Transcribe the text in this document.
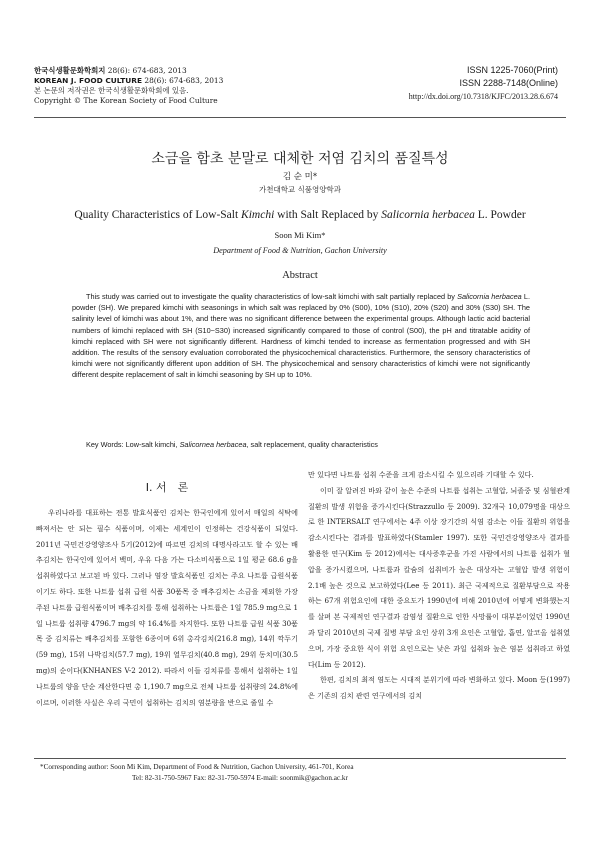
한국식생활문화학회지 28(6): 674-683, 2013
KOREAN J. FOOD CULTURE 28(6): 674-683, 2013
본 논문의 저작권은 한국식생활문화학회에 있음.
Copyright © The Korean Society of Food Culture
ISSN 1225-7060(Print)
ISSN 2288-7148(Online)
http://dx.doi.org/10.7318/KJFC/2013.28.6.674
소금을 함초 분말로 대체한 저염 김치의 품질특성
김 순 미*
가천대학교 식품영양학과
Quality Characteristics of Low-Salt Kimchi with Salt Replaced by Salicornia herbacea L. Powder
Soon Mi Kim*
Department of Food & Nutrition, Gachon University
Abstract
This study was carried out to investigate the quality characteristics of low-salt kimchi with salt partially replaced by Salicornia herbacea L. powder (SH). We prepared kimchi with seasonings in which salt was replaced by 0% (S00), 10% (S10), 20% (S20) and 30% (S30) SH. The salinity level of kimchi was about 1%, and there was no significant difference between the experimental groups. Although lactic acid bacterial numbers of kimchi replaced with SH (S10~S30) increased significantly compared to those of control (S00), the pH and titratable acidity of kimchi replaced with SH were not significantly different. Hardness of kimchi tended to increase as fermentation progressed and with SH addition. The results of the sensory evaluation corroborated the physicochemical characteristics. Furthermore, the sensory characteristics of kimchi were not significantly different upon addition of SH. The physicochemical and sensory characteristics of kimchi were not significantly different despite replacement of salt in kimchi seasoning by SH up to 10%.
Key Words: Low-salt kimchi, Salicornea herbacea, salt replacement, quality characteristics
Ⅰ. 서　론

우리나라를 대표하는 전통 발효식품인 김치는 한국인에게 있어서 매일의 식탁에 빠져서는 안 되는 필수 식품이며, 이제는 세계인이 인정하는 건강식품이 되었다. 2011년 국민건강영양조사 5기(2012)에 따르면 김치의 대명사라고도 할 수 있는 배추김치는 한국인에 있어서 백미, 우유 다음 가는 다소비식품으로 1일 평균 68.6 g을 섭취하였다고 보고된 바 있다. 그러나 염장 발효식품인 김치는 주요 나트륨 급원식품이기도 하다. 또한 나트륨 섭취 급원 식품 30품목 중 배추김치는 소금을 제외한 가장 주된 나트륨 급원식품이며 배추김치를 통해 섭취하는 나트륨은 1일 785.9 mg으로 1일 나트륨 섭취량 4796.7 mg의 약 16.4%를 차지한다. 또한 나트륨 급원 식품 30품목 중 김치류는 배추김치를 포함한 6종이며 6위 총각김치(216.8 mg), 14위 깍두기(59 mg), 15위 나박김치(57.7 mg), 19위 열무김치(40.8 mg), 29위 동치미(30.5 mg)의 순이다(KNHANES V-2 2012). 따라서 이들 김치류를 통해서 섭취하는 1일 나트륨의 양을 단순 계산한다면 총 1,190.7 mg으로 전체 나트륨 섭취량의 24.8%에 이르며, 이러한 사실은 우리 국민이 섭취하는 김치의 염분량을 반으로 줄일 수

만 있다면 나트륨 섭취 수준을 크게 감소시킬 수 있으리라 기대할 수 있다.

이미 잘 알려진 바와 같이 높은 수준의 나트륨 섭취는 고혈압, 뇌졸중 및 심혈관계 질환의 발생 위험을 증가시킨다(Strazzullo 등 2009). 32개국 10,079명을 대상으로 한 INTERSALT 연구에서는 4주 이상 장기간의 식염 감소는 이들 질환의 위험을 감소시킨다는 결과를 발표하였다(Stamler 1997). 또한 국민건강영양조사 결과를 활용한 연구(Kim 등 2012)에서는 대사증후군을 가진 사람에서의 나트륨 섭취가 혈압을 증가시켰으며, 나트륨과 칼슘의 섭취비가 높은 대상자는 고혈압 발생 위험이 2.1배 높은 것으로 보고하였다(Lee 등 2011). 최근 국제적으로 질환부담으로 작용하는 67개 위험요인에 대한 중요도가 1990년에 비해 2010년에 어떻게 변화했는지를 살펴 본 국제적인 연구결과 감염성 질환으로 인한 사망률이 대부분이었던 1990년과 달리 2010년의 국제 질병 부담 요인 상위 3개 요인은 고혈압, 흡연, 알코올 섭취였으며, 가장 중요한 식이 위험 요인으로는 낮은 과일 섭취와 높은 염분 섭취라고 하였다(Lim 등 2012).

한편, 김치의 최적 염도는 시대적 분위기에 따라 변화하고 있다. Moon 등(1997)은 기존의 김치 관련 연구에서의 김치

*Corresponding author: Soon Mi Kim, Department of Food & Nutrition, Gachon University, 461-701, Korea
Tel: 82-31-750-5967 Fax: 82-31-750-5974 E-mail: soonmik@gachon.ac.kr
